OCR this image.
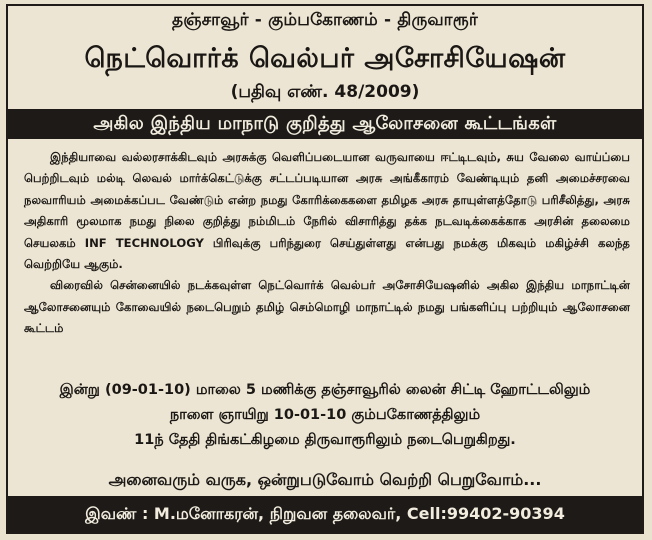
தஞ்சாவூர் - கும்பகோணம் - திருவாரூர்
நெட்வொர்க் வெல்பர் அசோசியேஷன்
(பதிவு எண். 48/2009)
அகில இந்திய மாநாடு குறித்து ஆலோசனை கூட்டங்கள்

இந்தியாவை வல்லரசாக்கிடவும் அரசுக்கு வெளிப்படையான வருவாயை ஈட்டிடவும், சுய வேலை வாய்ப்பை பெற்றிடவும் மல்டி லெவல் மார்க்கெட்டுக்கு சட்டப்படியான அரசு அங்கீகாரம் வேண்டியும் தனி அமைச்சரவை நலவாரியம் அமைக்கப்பட வேண்டும் என்ற நமது கோரிக்கைகளை தமிழக அரசு தாயுள்ளத்தோடு பரிசீலித்து, அரசு அதிகாரி மூலமாக நமது நிலை குறித்து நம்மிடம் நேரில் விசாரித்து தக்க நடவடிக்கைக்காக அரசின் தலைமை செயலகம் INF TECHNOLOGY பிரிவுக்கு பரிந்துரை செய்துள்ளது என்பது நமக்கு மிகவும் மகிழ்ச்சி கலந்த வெற்றியே ஆகும்.

விரைவில் சென்னையில் நடக்கவுள்ள நெட்வொர்க் வெல்பர் அசோசியேஷனில் அகில இந்திய மாநாட்டின் ஆலோசனையும் கோவையில் நடைபெறும் தமிழ் செம்மொழி மாநாட்டில் நமது பங்களிப்பு பற்றியும் ஆலோசனை கூட்டம்

இன்று (09-01-10) மாலை 5 மணிக்கு தஞ்சாவூரில் லைன் சிட்டி ஹோட்டலிலும்
நாளை ஞாயிறு 10-01-10 கும்பகோணத்திலும்
11ந் தேதி திங்கட்கிழமை திருவாரூரிலும் நடைபெறுகிறது.
அனைவரும் வருக, ஒன்றுபடுவோம் வெற்றி பெறுவோம்...
இவண் : M.மனோகரன், நிறுவன தலைவர், Cell:99402-90394
